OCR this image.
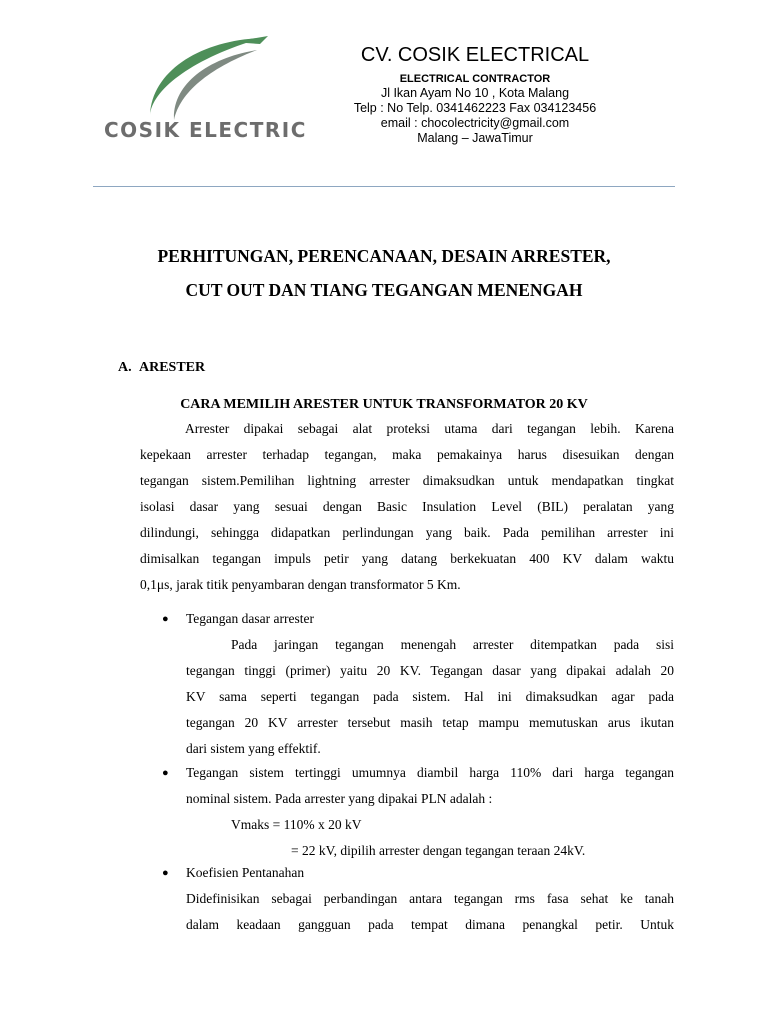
COSIK ELECTRIC
CV. COSIK ELECTRICAL
ELECTRICAL CONTRACTOR
Jl Ikan Ayam No 10 , Kota Malang
Telp : No Telp. 0341462223 Fax 034123456
email : chocolectricity@gmail.com
Malang – JawaTimur
PERHITUNGAN, PERENCANAAN, DESAIN ARRESTER,
CUT OUT DAN TIANG TEGANGAN MENENGAH
A. ARESTER
CARA MEMILIH ARESTER UNTUK TRANSFORMATOR 20 KV
Arrester dipakai sebagai alat proteksi utama dari tegangan lebih. Karena
kepekaan arrester terhadap tegangan, maka pemakainya harus disesuikan dengan
tegangan sistem.Pemilihan lightning arrester dimaksudkan untuk mendapatkan tingkat
isolasi dasar yang sesuai dengan Basic Insulation Level (BIL) peralatan yang
dilindungi, sehingga didapatkan perlindungan yang baik. Pada pemilihan arrester ini
dimisalkan tegangan impuls petir yang datang berkekuatan 400 KV dalam waktu
0,1μs, jarak titik penyambaran dengan transformator 5 Km.
● Tegangan dasar arrester
Pada jaringan tegangan menengah arrester ditempatkan pada sisi
tegangan tinggi (primer) yaitu 20 KV. Tegangan dasar yang dipakai adalah 20
KV sama seperti tegangan pada sistem. Hal ini dimaksudkan agar pada
tegangan 20 KV arrester tersebut masih tetap mampu memutuskan arus ikutan
dari sistem yang effektif.
● Tegangan sistem tertinggi umumnya diambil harga 110% dari harga tegangan
nominal sistem. Pada arrester yang dipakai PLN adalah :
Vmaks = 110% x 20 kV
= 22 kV, dipilih arrester dengan tegangan teraan 24kV.
● Koefisien Pentanahan
Didefinisikan sebagai perbandingan antara tegangan rms fasa sehat ke tanah
dalam keadaan gangguan pada tempat dimana penangkal petir. Untuk
